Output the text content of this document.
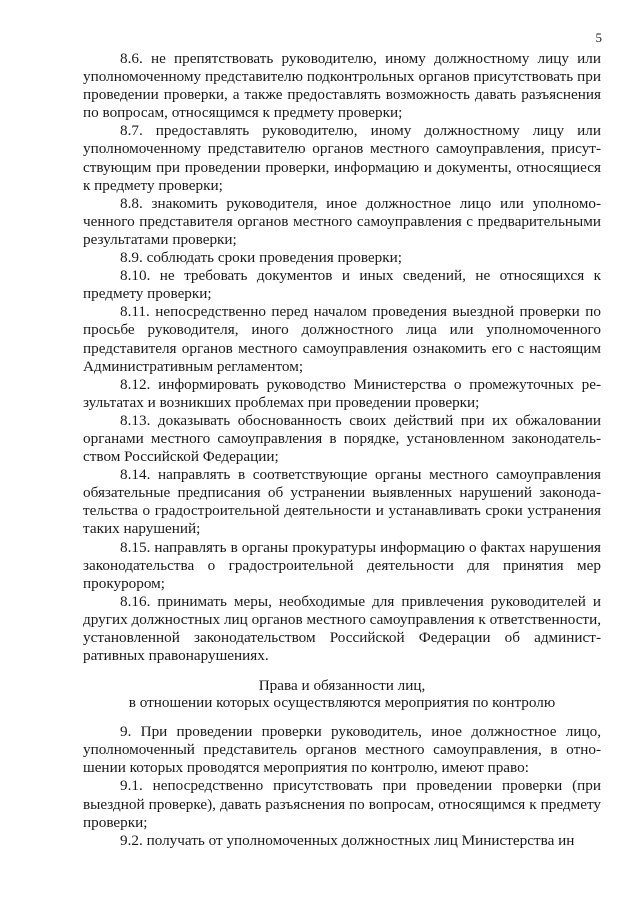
5

8.6. не препятствовать руководителю, иному должностному лицу или уполномоченному представителю подконтрольных органов присутствовать при проведении проверки, а также предоставлять возможность давать разъяснения по вопросам, относящимся к предмету проверки;

8.7. предоставлять руководителю, иному должностному лицу или уполномоченному представителю органов местного самоуправления, присутствующим при проведении проверки, информацию и документы, относящиеся к предмету проверки;

8.8. знакомить руководителя, иное должностное лицо или уполномоченного представителя органов местного самоуправления с предварительными результатами проверки;

8.9. соблюдать сроки проведения проверки;

8.10. не требовать документов и иных сведений, не относящихся к предмету проверки;

8.11. непосредственно перед началом проведения выездной проверки по просьбе руководителя, иного должностного лица или уполномоченного представителя органов местного самоуправления ознакомить его с настоящим Административным регламентом;

8.12. информировать руководство Министерства о промежуточных результатах и возникших проблемах при проведении проверки;

8.13. доказывать обоснованность своих действий при их обжаловании органами местного самоуправления в порядке, установленном законодательством Российской Федерации;

8.14. направлять в соответствующие органы местного самоуправления обязательные предписания об устранении выявленных нарушений законодательства о градостроительной деятельности и устанавливать сроки устранения таких нарушений;

8.15. направлять в органы прокуратуры информацию о фактах нарушения законодательства о градостроительной деятельности для принятия мер прокурором;

8.16. принимать меры, необходимые для привлечения руководителей и других должностных лиц органов местного самоуправления к ответственности, установленной законодательством Российской Федерации об административных правонарушениях.

Права и обязанности лиц,
в отношении которых осуществляются мероприятия по контролю

9. При проведении проверки руководитель, иное должностное лицо, уполномоченный представитель органов местного самоуправления, в отношении которых проводятся мероприятия по контролю, имеют право:

9.1. непосредственно присутствовать при проведении проверки (при выездной проверке), давать разъяснения по вопросам, относящимся к предмету проверки;

9.2. получать от уполномоченных должностных лиц Министерства ин
